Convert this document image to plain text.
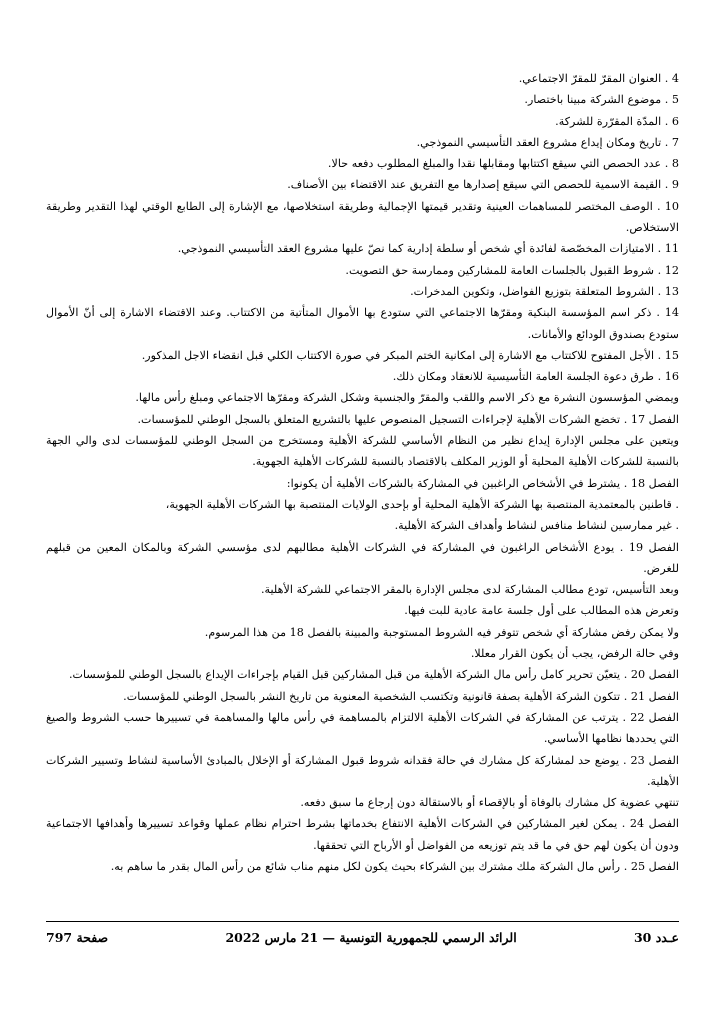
4 . العنوان المقرّ للمقرّ الاجتماعي.

5 . موضوع الشركة مبينا باختصار.

6 . المدّة المقرّرة للشركة.

7 . تاريخ ومكان إيداع مشروع العقد التأسيسي النموذجي.

8 . عدد الحصص التي سيقع اكتتابها ومقابلها نقدا والمبلغ المطلوب دفعه حالا.

9 . القيمة الاسمية للحصص التي سيقع إصدارها مع التفريق عند الاقتضاء بين الأصناف.

10 . الوصف المختصر للمساهمات العينية وتقدير قيمتها الإجمالية وطريقة استخلاصها، مع الإشارة إلى الطابع الوقتي لهذا التقدير وطريقة الاستخلاص.

11 . الامتيازات المخصّصة لفائدة أي شخص أو سلطة إدارية كما نصّ عليها مشروع العقد التأسيسي النموذجي.

12 . شروط القبول بالجلسات العامة للمشاركين وممارسة حق التصويت.

13 . الشروط المتعلقة بتوزيع الفواضل، وتكوين المدخرات.

14 . ذكر اسم المؤسسة البنكية ومقرّها الاجتماعي التي ستودع بها الأموال المتأتية من الاكتتاب. وعند الاقتضاء الاشارة إلى أنّ الأموال ستودع بصندوق الودائع والأمانات.

15 . الأجل المفتوح للاكتتاب مع الاشارة إلى امكانية الختم المبكر في صورة الاكتتاب الكلي قبل انقضاء الاجل المذكور.

16 . طرق دعوة الجلسة العامة التأسيسية للانعقاد ومكان ذلك.

ويمضي المؤسسون النشرة مع ذكر الاسم واللقب والمقرّ والجنسية وشكل الشركة ومقرّها الاجتماعي ومبلغ رأس مالها.

الفصل 17 . تخضع الشركات الأهلية لإجراءات التسجيل المنصوص عليها بالتشريع المتعلق بالسجل الوطني للمؤسسات.

ويتعين على مجلس الإدارة إيداع نظير من النظام الأساسي للشركة الأهلية ومستخرج من السجل الوطني للمؤسسات لدى والي الجهة بالنسبة للشركات الأهلية المحلية أو الوزير المكلف بالاقتصاد بالنسبة للشركات الأهلية الجهوية.

الفصل 18 . يشترط في الأشخاص الراغبين في المشاركة بالشركات الأهلية أن يكونوا:

. قاطنين بالمعتمدية المنتصبة بها الشركة الأهلية المحلية أو بإحدى الولايات المنتصبة بها الشركات الأهلية الجهوية،

. غير ممارسين لنشاط منافس لنشاط وأهداف الشركة الأهلية.

الفصل 19 . يودع الأشخاص الراغبون في المشاركة في الشركات الأهلية مطالبهم لدى مؤسسي الشركة وبالمكان المعين من قبلهم للغرض.

وبعد التأسيس، تودع مطالب المشاركة لدى مجلس الإدارة بالمقر الاجتماعي للشركة الأهلية.

وتعرض هذه المطالب على أول جلسة عامة عادية للبت فيها.

ولا يمكن رفض مشاركة أي شخص تتوفر فيه الشروط المستوجبة والمبينة بالفصل 18 من هذا المرسوم.

وفي حالة الرفض، يجب أن يكون القرار معللا.

الفصل 20 . يتعيّن تحرير كامل رأس مال الشركة الأهلية من قبل المشاركين قبل القيام بإجراءات الإيداع بالسجل الوطني للمؤسسات.

الفصل 21 . تتكون الشركة الأهلية بصفة قانونية وتكتسب الشخصية المعنوية من تاريخ النشر بالسجل الوطني للمؤسسات.

الفصل 22 . يترتب عن المشاركة في الشركات الأهلية الالتزام بالمساهمة في رأس مالها والمساهمة في تسييرها حسب الشروط والصيغ التي يحددها نظامها الأساسي.

الفصل 23 . يوضع حد لمشاركة كل مشارك في حالة فقدانه شروط قبول المشاركة أو الإخلال بالمبادئ الأساسية لنشاط وتسيير الشركات الأهلية.

تنتهي عضوية كل مشارك بالوفاة أو بالإقصاء أو بالاستقالة دون إرجاع ما سبق دفعه.

الفصل 24 . يمكن لغير المشاركين في الشركات الأهلية الانتفاع بخدماتها بشرط احترام نظام عملها وقواعد تسييرها وأهدافها الاجتماعية ودون أن يكون لهم حق في ما قد يتم توزيعه من الفواضل أو الأرباح التي تحققها.

الفصل 25 . رأس مال الشركة ملك مشترك بين الشركاء بحيث يكون لكل منهم مناب شائع من رأس المال بقدر ما ساهم به.

عـدد 30
الرائد الرسمي للجمهورية التونسية — 21 مارس 2022
صفحة 797
